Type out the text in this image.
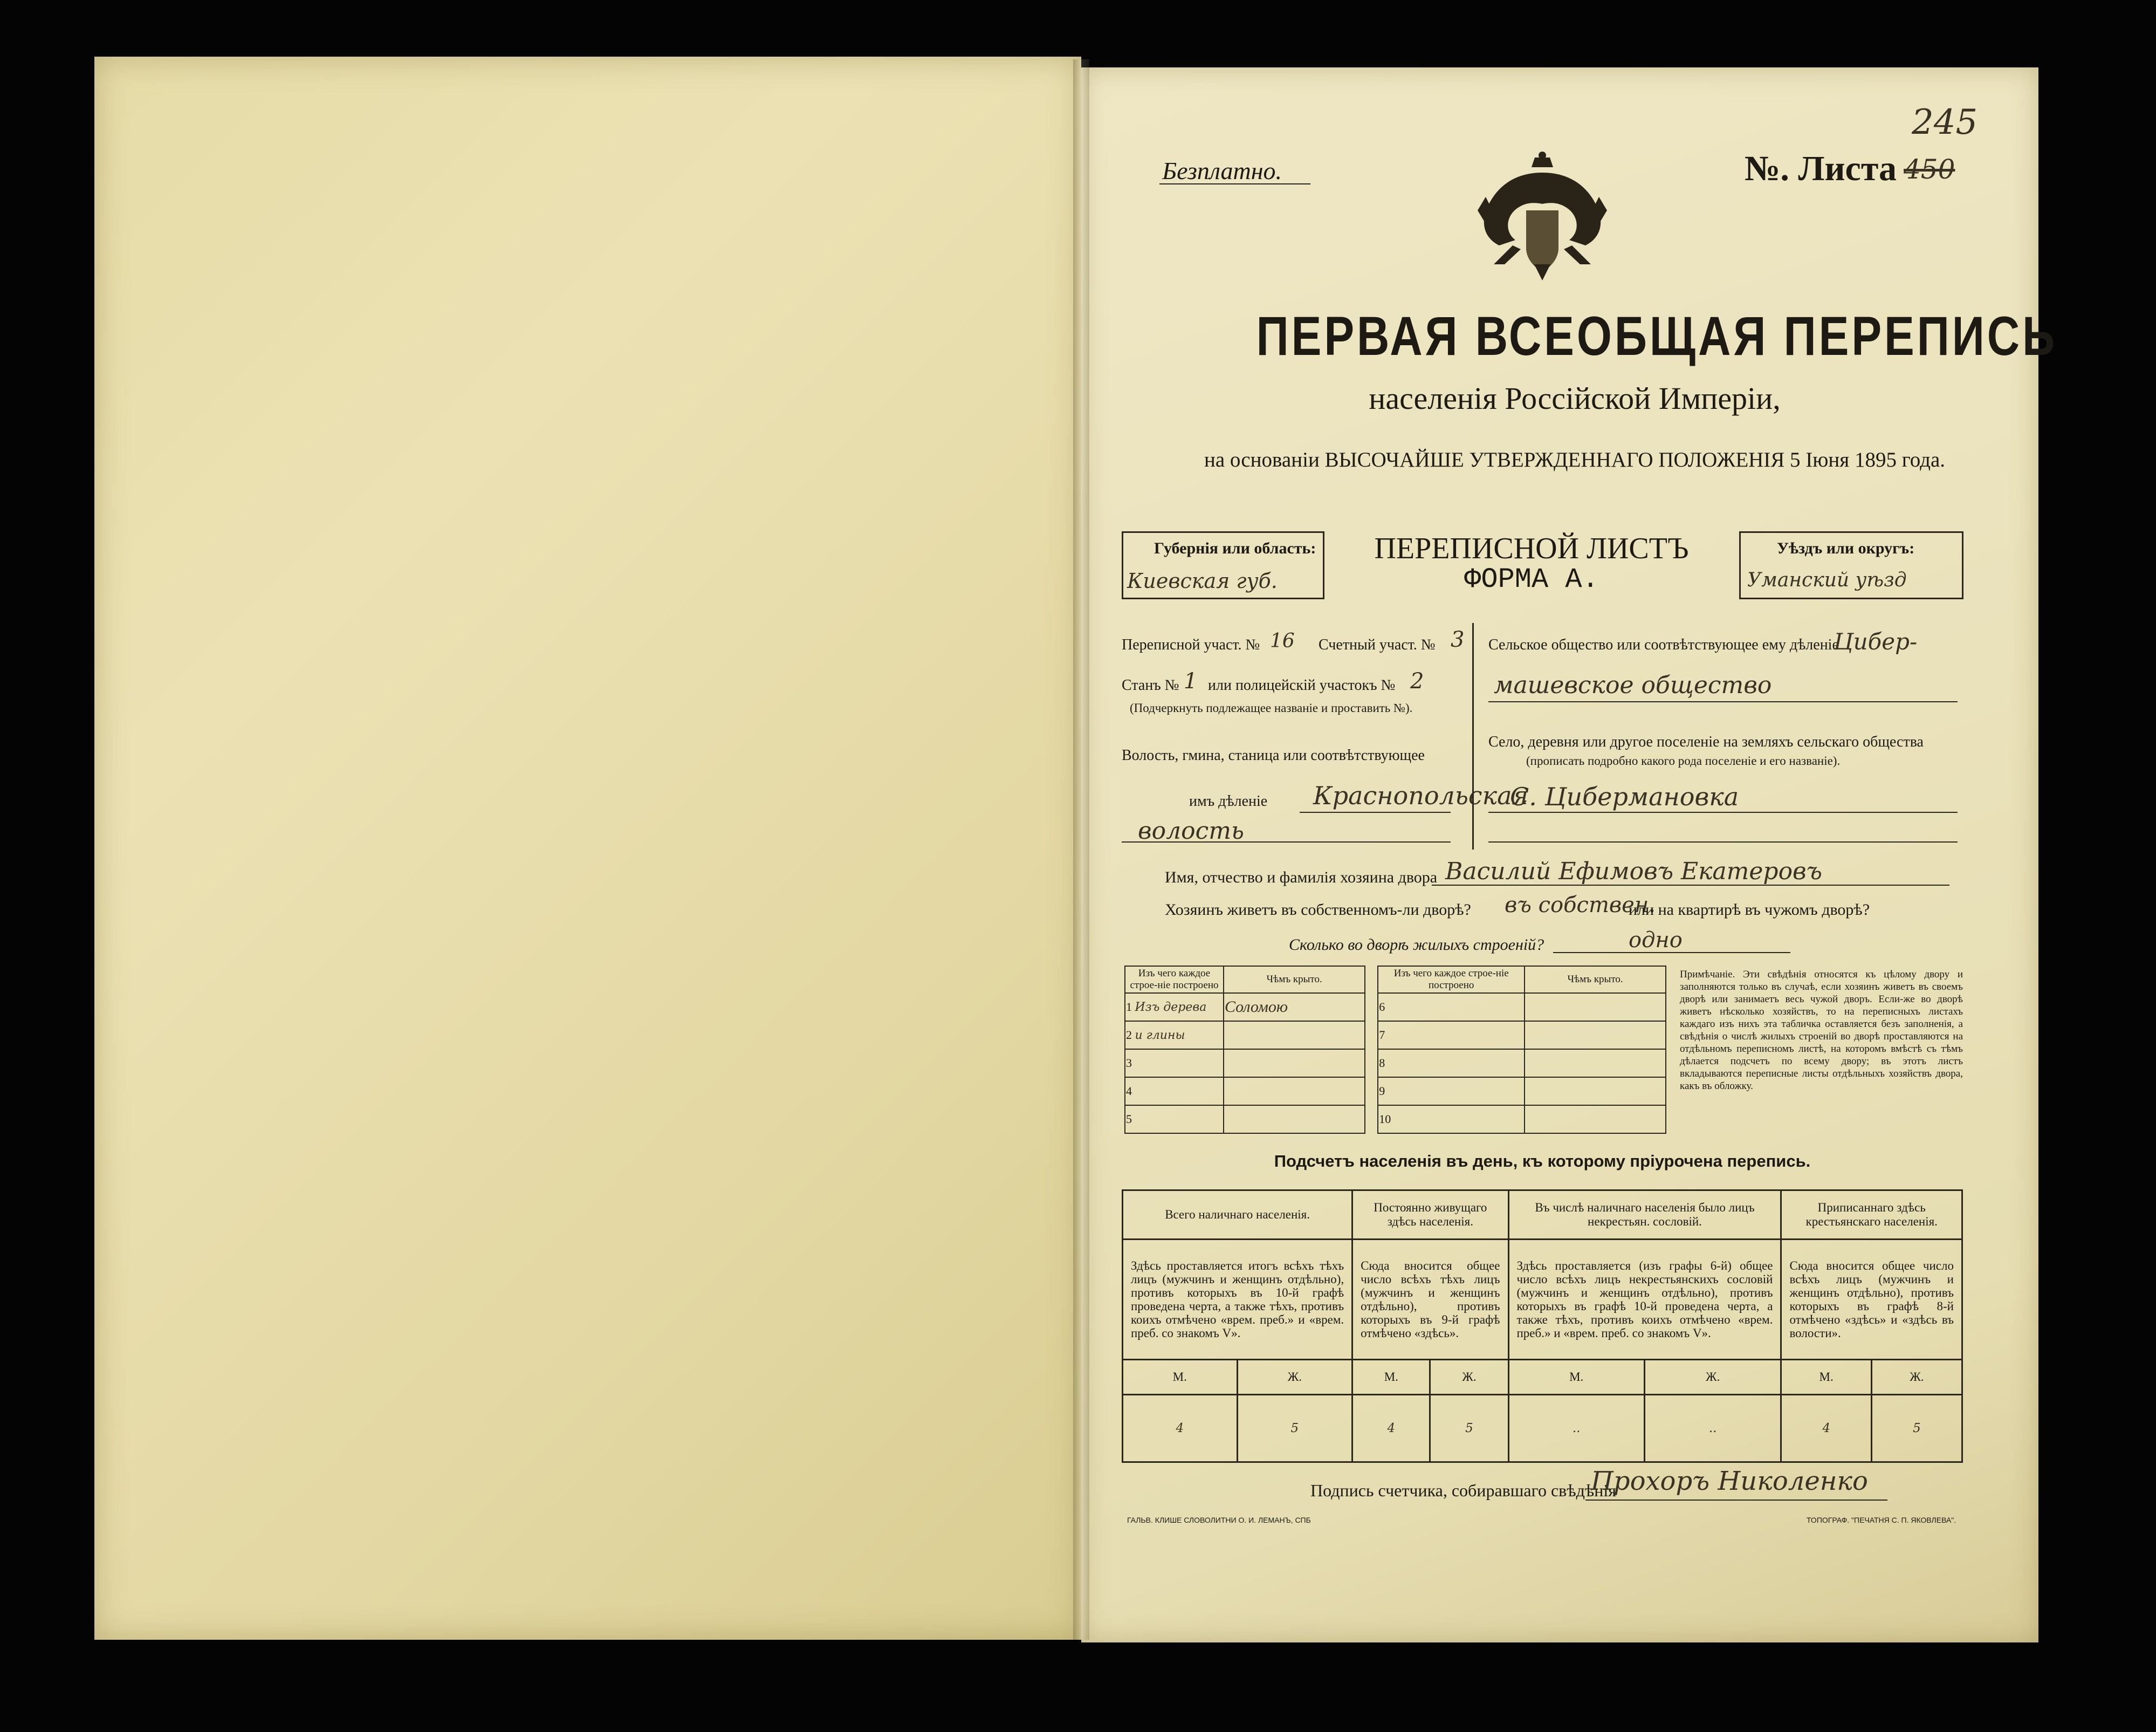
Безплатно.	№. Листа 450
245
ПЕРВАЯ ВСЕОБЩАЯ ПЕРЕПИСЬ
населенія Россійской Имперіи,
на основаніи ВЫСОЧАЙШЕ УТВЕРЖДЕННАГО ПОЛОЖЕНІЯ 5 Іюня 1895 года.
Губернія или область:
Киевская губ.
ПЕРЕПИСНОЙ ЛИСТЪ
ФОРМА А.
Уѣздъ или округъ:
Уманский уѣзд
Переписной участ. № 16 Счетный участ. № 3
Станъ № 1 или полицейскій участокъ № 2
(Подчеркнуть подлежащее названіе и проставить №).
Волость, гмина, станица или соотвѣтствующее
имъ дѣленіе Краснопольская
волость
Сельское общество или соотвѣтствующее ему дѣленіе
Цибер-
машевское общество
Село, деревня или другое поселеніе на земляхъ сельскаго общества
(прописать подробно какого рода поселеніе и его названіе).
С. Цибермановка
Имя, отчество и фамилія хозяина двора Василий Ефимовъ Екатеровъ
Хозяинъ живетъ въ собственномъ-ли дворѣ? въ собствен.
или на квартирѣ въ чужомъ дворѣ?
Сколько во дворѣ жилыхъ строеній?	одно
Изъ чего каждое строе-ніе построено	Чѣмъ крыто.		Изъ чего каждое строе-ніе построено	Чѣмъ крыто.
1 Изъ дерева	Соломою		6	
2 и глины			7	
3			8	
4			9	
5			10	
Примѣчаніе. Эти свѣдѣнія относятся къ цѣлому двору и заполняются только въ случаѣ, если хозяинъ живетъ въ своемъ дворѣ или занимаетъ весь чужой дворъ. Если-же во дворѣ живетъ нѣсколько хозяйствъ, то на переписныхъ листахъ каждаго изъ нихъ эта табличка оставляется безъ заполненія, а свѣдѣнія о числѣ жилыхъ строеній во дворѣ проставляются на отдѣльномъ переписномъ листѣ, на которомъ вмѣстѣ съ тѣмъ дѣлается подсчетъ по всему двору; въ этотъ листъ вкладываются переписные листы отдѣльныхъ хозяйствъ двора, какъ въ обложку.
Подсчетъ населенія въ день, къ которому пріурочена перепись.
Всего наличнаго населенія.		Постоянно живущаго здѣсь населенія.		Въ числѣ наличнаго населенія было лицъ некрестьян. сословій.		Приписаннаго здѣсь крестьянскаго населенія.	
Здѣсь проставляется итогъ всѣхъ тѣхъ лицъ (мужчинъ и женщинъ отдѣльно), противъ которыхъ въ 10-й графѣ проведена черта, а также тѣхъ, противъ коихъ отмѣчено «врем. преб.» и «врем. преб. со знакомъ V».		Сюда вносится общее число всѣхъ тѣхъ лицъ (мужчинъ и женщинъ отдѣльно), противъ которыхъ въ 9-й графѣ отмѣчено «здѣсь».		Здѣсь проставляется (изъ графы 6-й) общее число всѣхъ лицъ некрестьянскихъ сословій (мужчинъ и женщинъ отдѣльно), противъ которыхъ въ графѣ 10-й проведена черта, а также тѣхъ, противъ коихъ отмѣчено «врем. преб.» и «врем. преб. со знакомъ V».		Сюда вносится общее число всѣхъ лицъ (мужчинъ и женщинъ отдѣльно), противъ которыхъ въ графѣ 8-й отмѣчено «здѣсь» и «здѣсь въ волости».	
М.	Ж.	М.	Ж.	М.	Ж.	М.	Ж.
4	5	4	5	..	..	4	5
Подпись счетчика, собиравшаго свѣдѣнія
Прохоръ Николенко
ГАЛЬВ. КЛИШЕ СЛОВОЛИТНИ О. И. ЛЕМАНЪ, СПБ	ТОПОГРАФ. "ПЕЧАТНЯ С. П. ЯКОВЛЕВА".
